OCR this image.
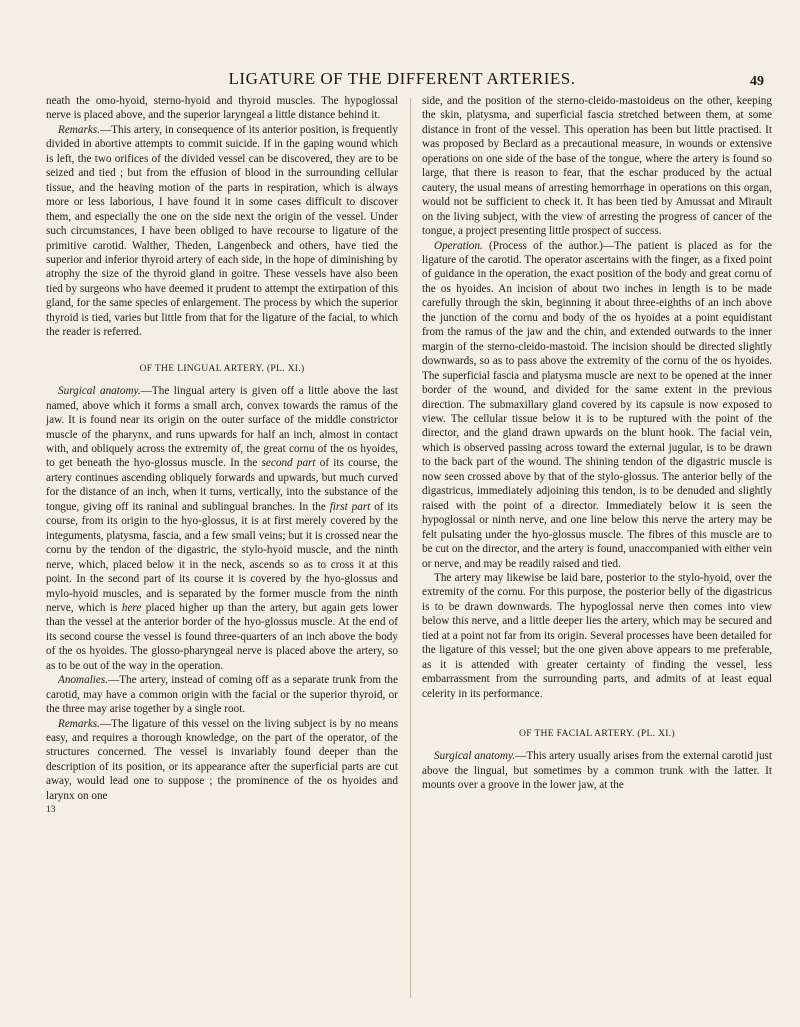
LIGATURE OF THE DIFFERENT ARTERIES.	49

neath the omo-hyoid, sterno-hyoid and thyroid muscles. The hypoglossal nerve is placed above, and the superior laryngeal a little distance behind it.

Remarks.—This artery, in consequence of its anterior position, is frequently divided in abortive attempts to commit suicide. If in the gaping wound which is left, the two orifices of the divided vessel can be discovered, they are to be seized and tied ; but from the effusion of blood in the surrounding cellular tissue, and the heaving motion of the parts in respiration, which is always more or less laborious, I have found it in some cases difficult to discover them, and especially the one on the side next the origin of the vessel. Under such circumstances, I have been obliged to have recourse to ligature of the primitive carotid. Walther, Theden, Langenbeck and others, have tied the superior and inferior thyroid artery of each side, in the hope of diminishing by atrophy the size of the thyroid gland in goitre. These vessels have also been tied by surgeons who have deemed it prudent to attempt the extirpation of this gland, for the same species of enlargement. The process by which the superior thyroid is tied, varies but little from that for the ligature of the facial, to which the reader is referred.

OF THE LINGUAL ARTERY. (PL. XI.)

Surgical anatomy.—The lingual artery is given off a little above the last named, above which it forms a small arch, convex towards the ramus of the jaw. It is found near its origin on the outer surface of the middle constrictor muscle of the pharynx, and runs upwards for half an inch, almost in contact with, and obliquely across the extremity of, the great cornu of the os hyoides, to get beneath the hyo-glossus muscle. In the second part of its course, the artery continues ascending obliquely forwards and upwards, but much curved for the distance of an inch, when it turns, vertically, into the substance of the tongue, giving off its raninal and sublingual branches. In the first part of its course, from its origin to the hyo-glossus, it is at first merely covered by the integuments, platysma, fascia, and a few small veins; but it is crossed near the cornu by the tendon of the digastric, the stylo-hyoid muscle, and the ninth nerve, which, placed below it in the neck, ascends so as to cross it at this point. In the second part of its course it is covered by the hyo-glossus and mylo-hyoid muscles, and is separated by the former muscle from the ninth nerve, which is here placed higher up than the artery, but again gets lower than the vessel at the anterior border of the hyo-glossus muscle. At the end of its second course the vessel is found three-quarters of an inch above the body of the os hyoides. The glosso-pharyngeal nerve is placed above the artery, so as to be out of the way in the operation.

Anomalies.—The artery, instead of coming off as a separate trunk from the carotid, may have a common origin with the facial or the superior thyroid, or the three may arise together by a single root.

Remarks.—The ligature of this vessel on the living subject is by no means easy, and requires a thorough knowledge, on the part of the operator, of the structures concerned. The vessel is invariably found deeper than the description of its position, or its appearance after the superficial parts are cut away, would lead one to suppose ; the prominence of the os hyoides and larynx on one

13

side, and the position of the sterno-cleido-mastoideus on the other, keeping the skin, platysma, and superficial fascia stretched between them, at some distance in front of the vessel. This operation has been but little practised. It was proposed by Beclard as a precautional measure, in wounds or extensive operations on one side of the base of the tongue, where the artery is found so large, that there is reason to fear, that the eschar produced by the actual cautery, the usual means of arresting hemorrhage in operations on this organ, would not be sufficient to check it. It has been tied by Amussat and Mirault on the living subject, with the view of arresting the progress of cancer of the tongue, a project presenting little prospect of success.

Operation. (Process of the author.)—The patient is placed as for the ligature of the carotid. The operator ascertains with the finger, as a fixed point of guidance in the operation, the exact position of the body and great cornu of the os hyoides. An incision of about two inches in length is to be made carefully through the skin, beginning it about three-eighths of an inch above the junction of the cornu and body of the os hyoides at a point equidistant from the ramus of the jaw and the chin, and extended outwards to the inner margin of the sterno-cleido-mastoid. The incision should be directed slightly downwards, so as to pass above the extremity of the cornu of the os hyoides. The superficial fascia and platysma muscle are next to be opened at the inner border of the wound, and divided for the same extent in the previous direction. The submaxillary gland covered by its capsule is now exposed to view. The cellular tissue below it is to be ruptured with the point of the director, and the gland drawn upwards on the blunt hook. The facial vein, which is observed passing across toward the external jugular, is to be drawn to the back part of the wound. The shining tendon of the digastric muscle is now seen crossed above by that of the stylo-glossus. The anterior belly of the digastricus, immediately adjoining this tendon, is to be denuded and slightly raised with the point of a director. Immediately below it is seen the hypoglossal or ninth nerve, and one line below this nerve the artery may be felt pulsating under the hyo-glossus muscle. The fibres of this muscle are to be cut on the director, and the artery is found, unaccompanied with either vein or nerve, and may be readily raised and tied.

The artery may likewise be laid bare, posterior to the stylo-hyoid, over the extremity of the cornu. For this purpose, the posterior belly of the digastricus is to be drawn downwards. The hypoglossal nerve then comes into view below this nerve, and a little deeper lies the artery, which may be secured and tied at a point not far from its origin. Several processes have been detailed for the ligature of this vessel; but the one given above appears to me preferable, as it is attended with greater certainty of finding the vessel, less embarrassment from the surrounding parts, and admits of at least equal celerity in its performance.

OF THE FACIAL ARTERY. (PL. XI.)

Surgical anatomy.—This artery usually arises from the external carotid just above the lingual, but sometimes by a common trunk with the latter. It mounts over a groove in the lower jaw, at the
